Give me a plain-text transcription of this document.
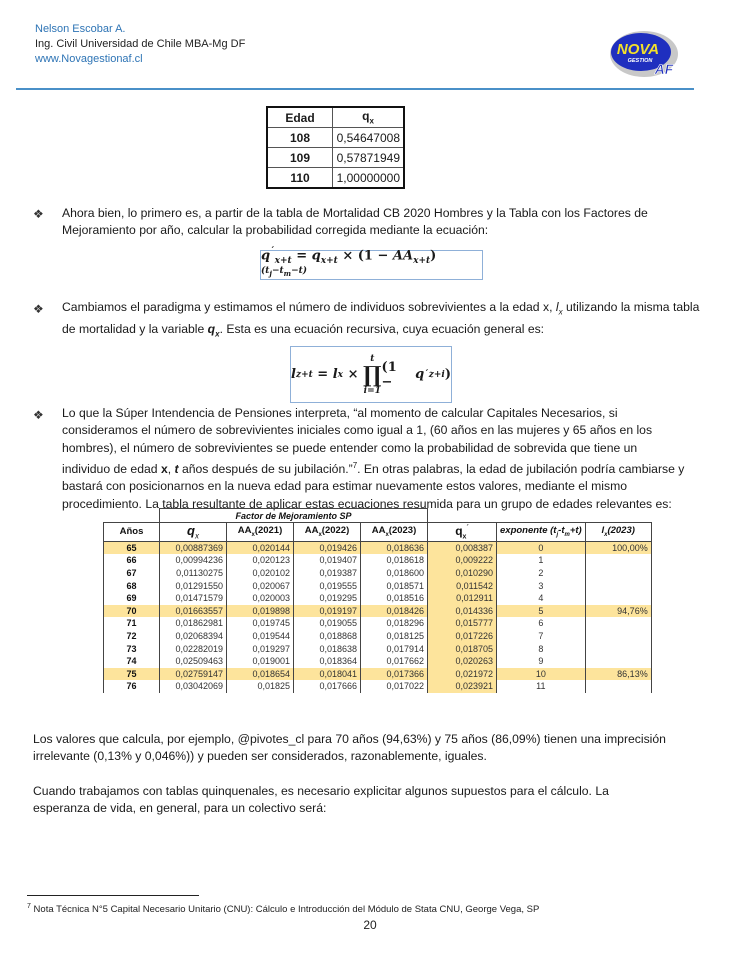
Nelson Escobar A.
Ing. Civil Universidad de Chile MBA-Mg DF
www.Novagestionaf.cl
NOVA
GESTION AF
Edad	$q_x$
108	0,54647008
109	0,57871949
110	1,00000000
❖ Ahora bien, lo primero es, a partir de la tabla de Mortalidad CB 2020 Hombres y la Tabla con los Factores de
Mejoramiento por año, calcular la probabilidad corregida mediante la ecuación:
$q^´_{x+t} = q_{x+t} \times (1 - AA_{x+t})^{(t_j-t_m-t)}$
❖ Cambiamos el paradigma y estimamos el número de individuos sobrevivientes a la edad x, $l_x$ utilizando la misma tabla
de mortalidad y la variable $q_x$. Esta es una ecuación recursiva, cuya ecuación general es:
l z+t
= l x
×

t
∏
i=1
(1 −	q ´ z+i )
❖ Lo que la Súper Intendencia de Pensiones interpreta, “al momento de calcular Capitales Necesarios, si
consideramos el número de sobrevivientes iniciales como igual a 1, (60 años en las mujeres y 65 años en los
hombres), el número de sobrevivientes se puede entender como la probabilidad de sobrevida que tiene un
individuo de edad x, t años después de su jubilación.”$^7$. En otras palabras, la edad de jubilación podría cambiarse y
bastará con posicionarnos en la nueva edad para estimar nuevamente estos valores, mediante el mismo
procedimiento. La tabla resultante de aplicar estas ecuaciones resumida para un grupo de edades relevantes es:
	Factor de Mejoramiento SP						
Años	$q_x$	$AA_x(2021)$	$AA_x(2022)$	$AA_x(2023)$	$q_x^´$	exponente $(t_j-t_m+t)$	$l_x(2023)$
65	0,00887369	0,020144	0,019426	0,018636	0,008387	0	100,00%
66	0,00994236	0,020123	0,019407	0,018618	0,009222	1	
67	0,01130275	0,020102	0,019387	0,018600	0,010290	2	
68	0,01291550	0,020067	0,019555	0,018571	0,011542	3	
69	0,01471579	0,020003	0,019295	0,018516	0,012911	4	
70	0,01663557	0,019898	0,019197	0,018426	0,014336	5	94,76%
71	0,01862981	0,019745	0,019055	0,018296	0,015777	6	
72	0,02068394	0,019544	0,018868	0,018125	0,017226	7	
73	0,02282019	0,019297	0,018638	0,017914	0,018705	8	
74	0,02509463	0,019001	0,018364	0,017662	0,020263	9	
75	0,02759147	0,018654	0,018041	0,017366	0,021972	10	86,13%
76	0,03042069	0,01825	0,017666	0,017022	0,023921	11	
Los valores que calcula, por ejemplo, @pivotes_cl para 70 años (94,63%) y 75 años (86,09%) tienen una imprecisión
irrelevante (0,13% y 0,046%)) y pueden ser considerados, razonablemente, iguales.
Cuando trabajamos con tablas quinquenales, es necesario explicitar algunos supuestos para el cálculo. La
esperanza de vida, en general, para un colectivo será:
$^7$ Nota Técnica N°5 Capital Necesario Unitario (CNU): Cálculo e Introducción del Módulo de Stata CNU, George Vega, SP
20
